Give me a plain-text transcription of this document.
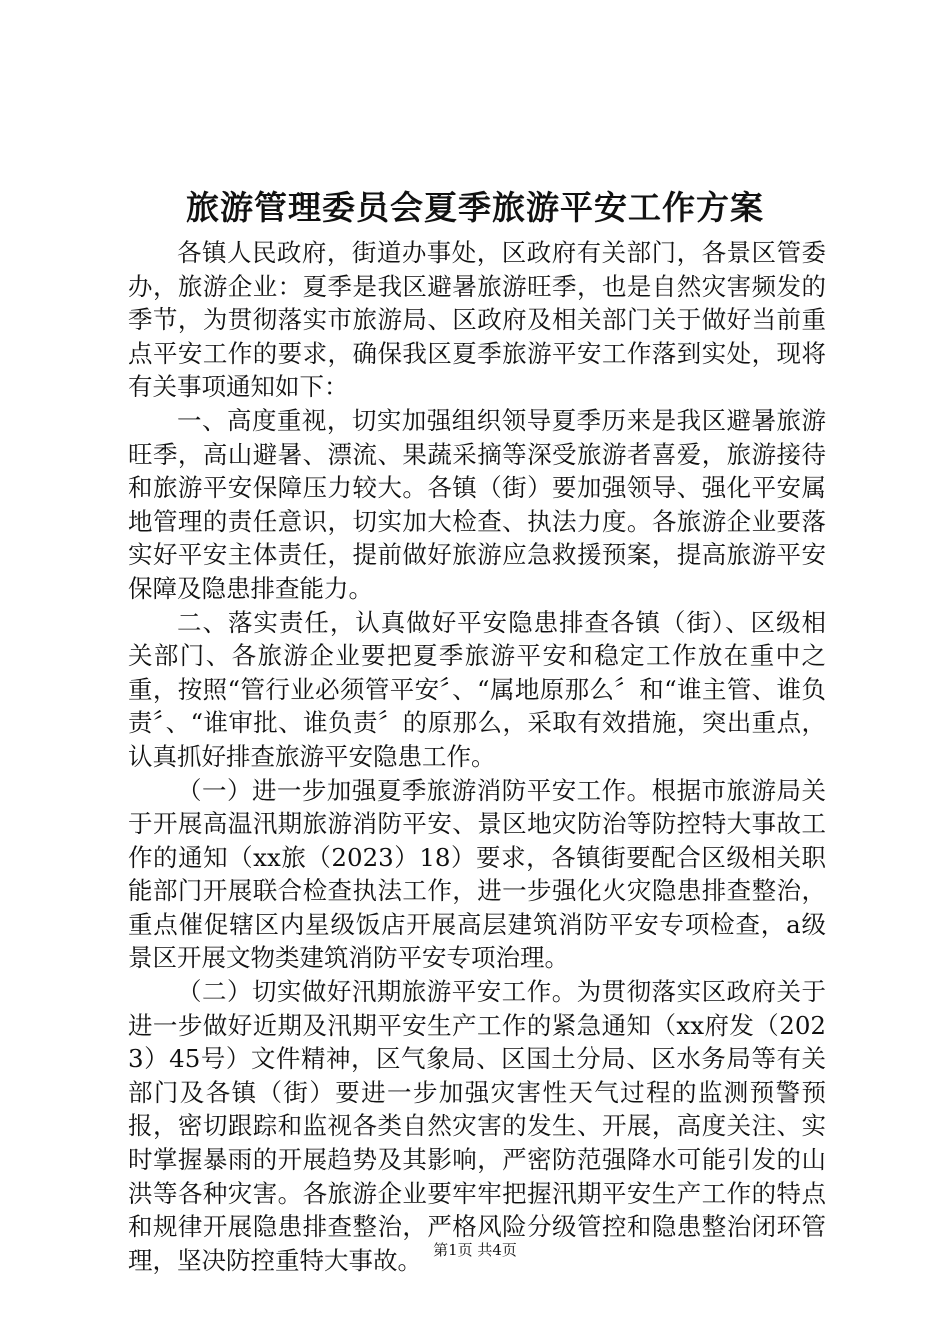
旅游管理委员会夏季旅游平安工作方案

各镇人民政府，街道办事处，区政府有关部门，各景区管委办，旅游企业：夏季是我区避暑旅游旺季，也是自然灾害频发的季节，为贯彻落实市旅游局、区政府及相关部门关于做好当前重点平安工作的要求，确保我区夏季旅游平安工作落到实处，现将有关事项通知如下：

一、高度重视，切实加强组织领导夏季历来是我区避暑旅游旺季，高山避暑、漂流、果蔬采摘等深受旅游者喜爱，旅游接待和旅游平安保障压力较大。各镇（街）要加强领导、强化平安属地管理的责任意识，切实加大检查、执法力度。各旅游企业要落实好平安主体责任，提前做好旅游应急救援预案，提高旅游平安保障及隐患排查能力。

二、落实责任，认真做好平安隐患排查各镇（街）、区级相关部门、各旅游企业要把夏季旅游平安和稳定工作放在重中之重，按照“管行业必须管平安〞、“属地原那么〞和“谁主管、谁负责〞、“谁审批、谁负责〞的原那么，采取有效措施，突出重点，认真抓好排查旅游平安隐患工作。

（一）进一步加强夏季旅游消防平安工作。根据市旅游局关于开展高温汛期旅游消防平安、景区地灾防治等防控特大事故工作的通知（xx旅（2023）18）要求，各镇街要配合区级相关职能部门开展联合检查执法工作，进一步强化火灾隐患排查整治，重点催促辖区内星级饭店开展高层建筑消防平安专项检查，a级景区开展文物类建筑消防平安专项治理。

（二）切实做好汛期旅游平安工作。为贯彻落实区政府关于进一步做好近期及汛期平安生产工作的紧急通知（xx府发（2023）45号）文件精神，区气象局、区国土分局、区水务局等有关部门及各镇（街）要进一步加强灾害性天气过程的监测预警预报，密切跟踪和监视各类自然灾害的发生、开展，高度关注、实时掌握暴雨的开展趋势及其影响，严密防范强降水可能引发的山洪等各种灾害。各旅游企业要牢牢把握汛期平安生产工作的特点和规律开展隐患排查整治，严格风险分级管控和隐患整治闭环管理，坚决防控重特大事故。 第1页 共4页
